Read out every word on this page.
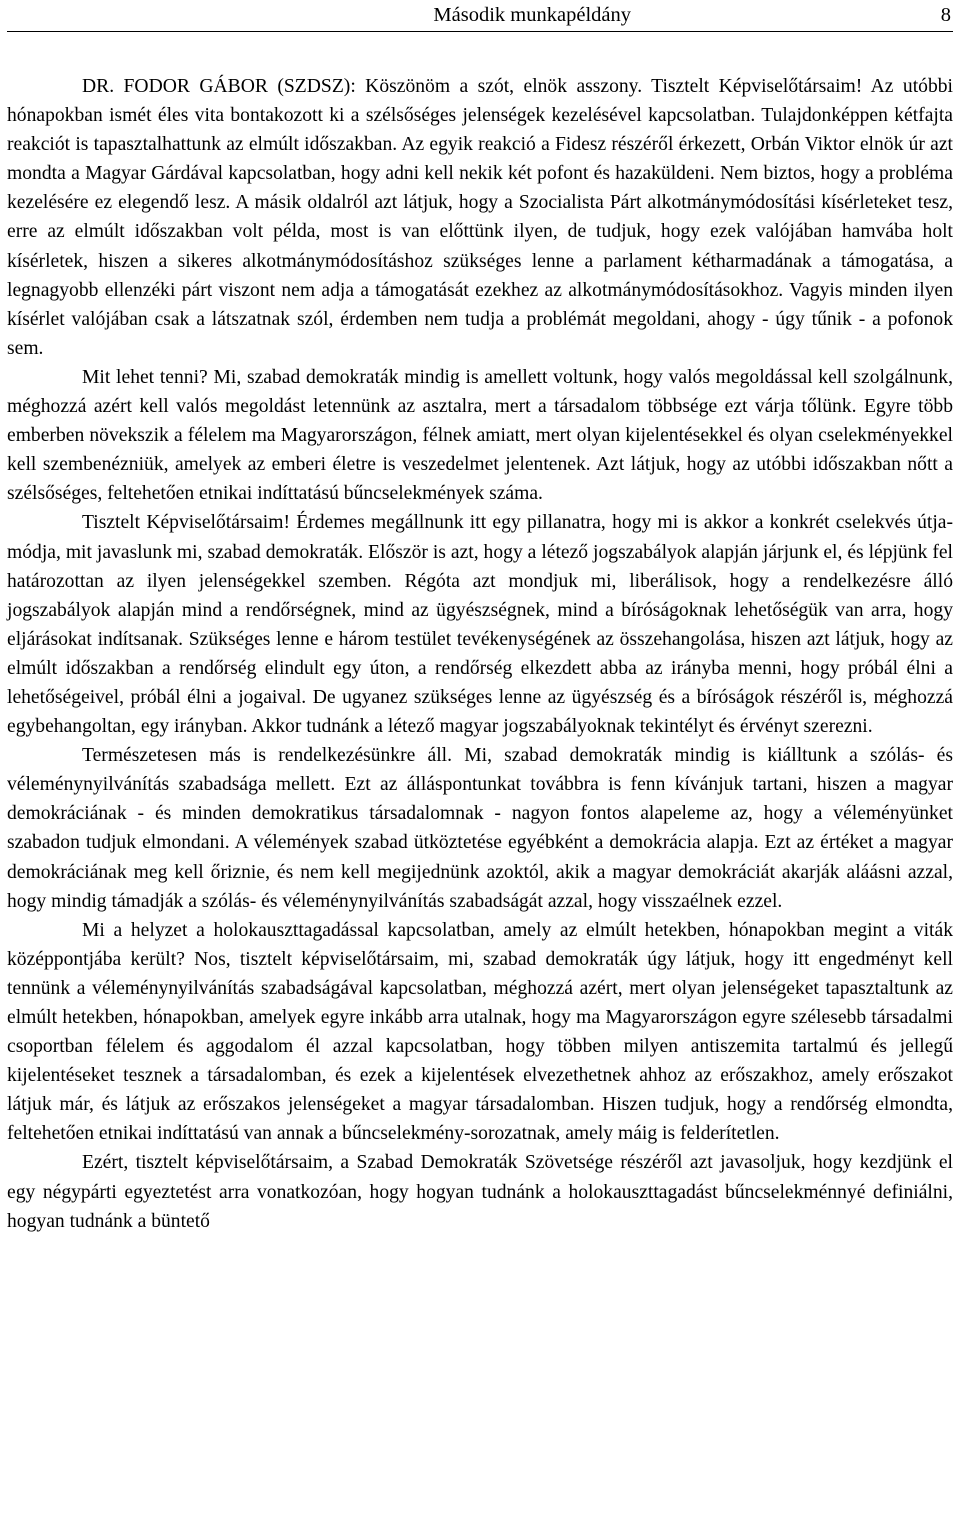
Második munkapéldány	8

DR. FODOR GÁBOR (SZDSZ): Köszönöm a szót, elnök asszony. Tisztelt Képviselőtársaim! Az utóbbi hónapokban ismét éles vita bontakozott ki a szélsőséges jelenségek kezelésével kapcsolatban. Tulajdonképpen kétfajta reakciót is tapasztalhattunk az elmúlt időszakban. Az egyik reakció a Fidesz részéről érkezett, Orbán Viktor elnök úr azt mondta a Magyar Gárdával kapcsolatban, hogy adni kell nekik két pofont és hazaküldeni. Nem biztos, hogy a probléma kezelésére ez elegendő lesz. A másik oldalról azt látjuk, hogy a Szocialista Párt alkotmánymódosítási kísérleteket tesz, erre az elmúlt időszakban volt példa, most is van előttünk ilyen, de tudjuk, hogy ezek valójában hamvába holt kísérletek, hiszen a sikeres alkotmánymódosításhoz szükséges lenne a parlament kétharmadának a támogatása, a legnagyobb ellenzéki párt viszont nem adja a támogatását ezekhez az alkotmánymódosításokhoz. Vagyis minden ilyen kísérlet valójában csak a látszatnak szól, érdemben nem tudja a problémát megoldani, ahogy - úgy tűnik - a pofonok sem.

Mit lehet tenni? Mi, szabad demokraták mindig is amellett voltunk, hogy valós megoldással kell szolgálnunk, méghozzá azért kell valós megoldást letennünk az asztalra, mert a társadalom többsége ezt várja tőlünk. Egyre több emberben növekszik a félelem ma Magyarországon, félnek amiatt, mert olyan kijelentésekkel és olyan cselekményekkel kell szembenézniük, amelyek az emberi életre is veszedelmet jelentenek. Azt látjuk, hogy az utóbbi időszakban nőtt a szélsőséges, feltehetően etnikai indíttatású bűncselekmények száma.

Tisztelt Képviselőtársaim! Érdemes megállnunk itt egy pillanatra, hogy mi is akkor a konkrét cselekvés útja-módja, mit javaslunk mi, szabad demokraták. Először is azt, hogy a létező jogszabályok alapján járjunk el, és lépjünk fel határozottan az ilyen jelenségekkel szemben. Régóta azt mondjuk mi, liberálisok, hogy a rendelkezésre álló jogszabályok alapján mind a rendőrségnek, mind az ügyészségnek, mind a bíróságoknak lehetőségük van arra, hogy eljárásokat indítsanak. Szükséges lenne e három testület tevékenységének az összehangolása, hiszen azt látjuk, hogy az elmúlt időszakban a rendőrség elindult egy úton, a rendőrség elkezdett abba az irányba menni, hogy próbál élni a lehetőségeivel, próbál élni a jogaival. De ugyanez szükséges lenne az ügyészség és a bíróságok részéről is, méghozzá egybehangoltan, egy irányban. Akkor tudnánk a létező magyar jogszabályoknak tekintélyt és érvényt szerezni.

Természetesen más is rendelkezésünkre áll. Mi, szabad demokraták mindig is kiálltunk a szólás- és véleménynyilvánítás szabadsága mellett. Ezt az álláspontunkat továbbra is fenn kívánjuk tartani, hiszen a magyar demokráciának - és minden demokratikus társadalomnak - nagyon fontos alapeleme az, hogy a véleményünket szabadon tudjuk elmondani. A vélemények szabad ütköztetése egyébként a demokrácia alapja. Ezt az értéket a magyar demokráciának meg kell őriznie, és nem kell megijednünk azoktól, akik a magyar demokráciát akarják aláásni azzal, hogy mindig támadják a szólás- és véleménynyilvánítás szabadságát azzal, hogy visszaélnek ezzel.

Mi a helyzet a holokauszttagadással kapcsolatban, amely az elmúlt hetekben, hónapokban megint a viták középpontjába került? Nos, tisztelt képviselőtársaim, mi, szabad demokraták úgy látjuk, hogy itt engedményt kell tennünk a véleménynyilvánítás szabadságával kapcsolatban, méghozzá azért, mert olyan jelenségeket tapasztaltunk az elmúlt hetekben, hónapokban, amelyek egyre inkább arra utalnak, hogy ma Magyarországon egyre szélesebb társadalmi csoportban félelem és aggodalom él azzal kapcsolatban, hogy többen milyen antiszemita tartalmú és jellegű kijelentéseket tesznek a társadalomban, és ezek a kijelentések elvezethetnek ahhoz az erőszakhoz, amely erőszakot látjuk már, és látjuk az erőszakos jelenségeket a magyar társadalomban. Hiszen tudjuk, hogy a rendőrség elmondta, feltehetően etnikai indíttatású van annak a bűncselekmény-sorozatnak, amely máig is felderítetlen.

Ezért, tisztelt képviselőtársaim, a Szabad Demokraták Szövetsége részéről azt javasoljuk, hogy kezdjünk el egy négypárti egyeztetést arra vonatkozóan, hogy hogyan tudnánk a holokauszttagadást bűncselekménnyé definiálni, hogyan tudnánk a büntető
